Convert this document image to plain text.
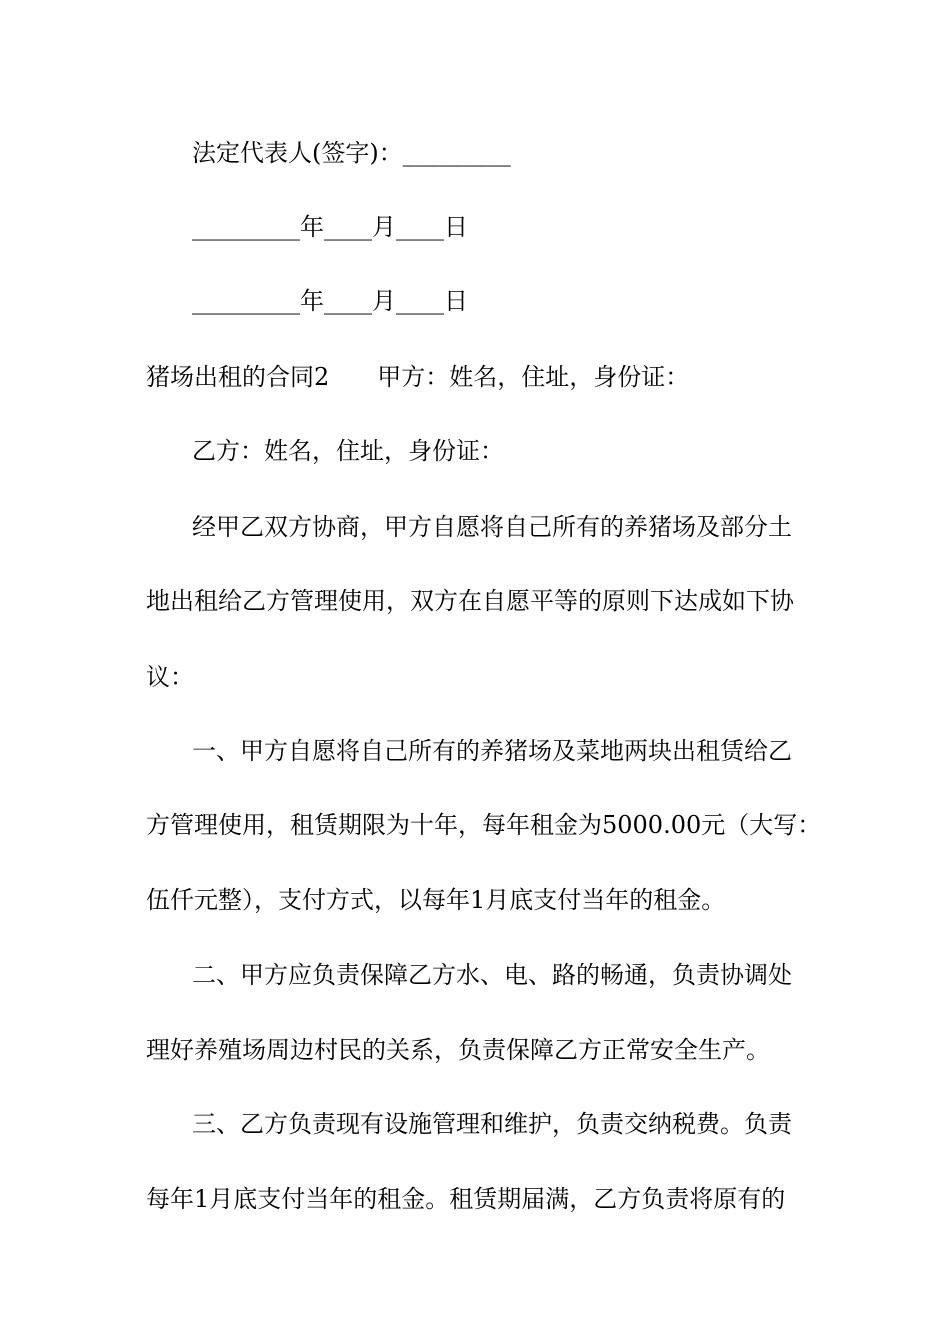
法定代表人(签字)：_________
_________年____月____日
_________年____月____日
猪场出租的合同2　　甲方：姓名，住址，身份证：
乙方：姓名，住址，身份证：
经甲乙双方协商，甲方自愿将自己所有的养猪场及部分土
地出租给乙方管理使用，双方在自愿平等的原则下达成如下协
议：
一、甲方自愿将自己所有的养猪场及菜地两块出租赁给乙
方管理使用，租赁期限为十年，每年租金为5000.00元（大写：
伍仟元整），支付方式，以每年1月底支付当年的租金。
二、甲方应负责保障乙方水、电、路的畅通，负责协调处
理好养殖场周边村民的关系，负责保障乙方正常安全生产。
三、乙方负责现有设施管理和维护，负责交纳税费。负责
每年1月底支付当年的租金。租赁期届满，乙方负责将原有的
